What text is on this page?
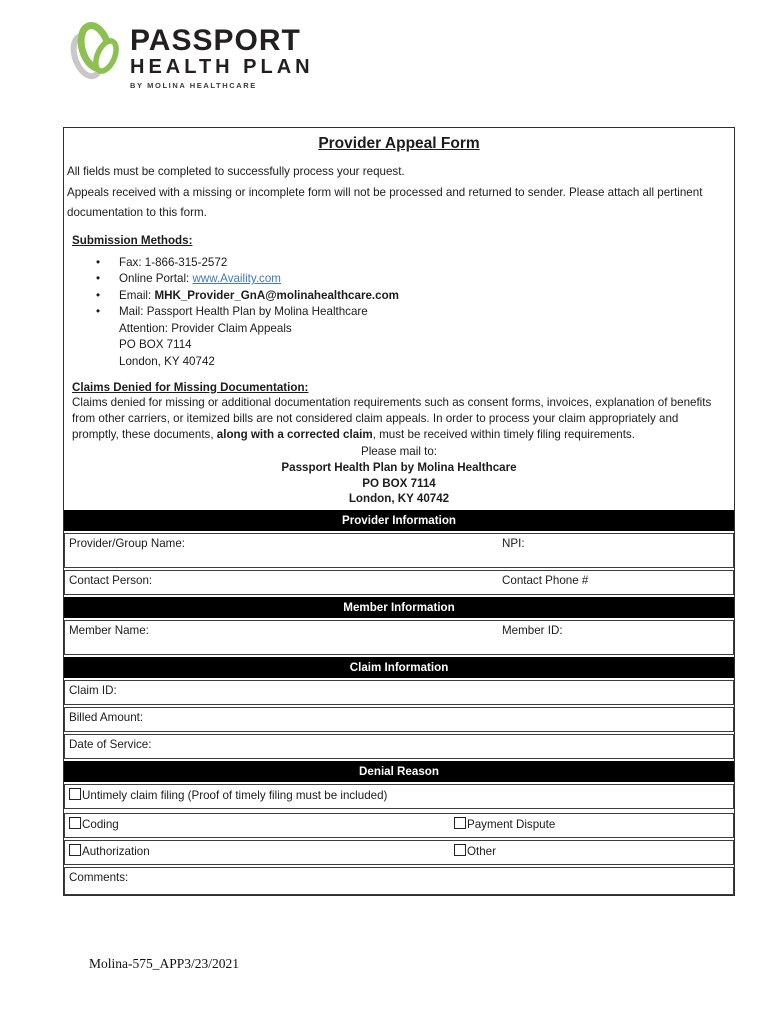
PASSPORT
HEALTH PLAN
BY MOLINA HEALTHCARE
Provider Appeal Form
All fields must be completed to successfully process your request.
Appeals received with a missing or incomplete form will not be processed and returned to sender. Please attach all pertinent documentation to this form.
Submission Methods:
•	Fax: 1-866-315-2572
•	Online Portal: www.Availity.com
•	Email: MHK_Provider_GnA@molinahealthcare.com
•	Mail: Passport Health Plan by Molina Healthcare
Attention: Provider Claim Appeals
PO BOX 7114
London, KY 40742
Claims Denied for Missing Documentation:
Claims denied for missing or additional documentation requirements such as consent forms, invoices, explanation of benefits from other carriers, or itemized bills are not considered claim appeals. In order to process your claim appropriately and promptly, these documents, along with a corrected claim, must be received within timely filing requirements.
Please mail to:
Passport Health Plan by Molina Healthcare
PO BOX 7114
London, KY 40742
Provider Information
Provider/Group Name:	NPI:
Contact Person:	Contact Phone #
Member Information
Member Name:	Member ID:
Claim Information
Claim ID:
Billed Amount:
Date of Service:
Denial Reason
Untimely claim filing (Proof of timely filing must be included)
Coding	Payment Dispute
Authorization	Other
Comments:
Molina-575_APP3/23/2021
